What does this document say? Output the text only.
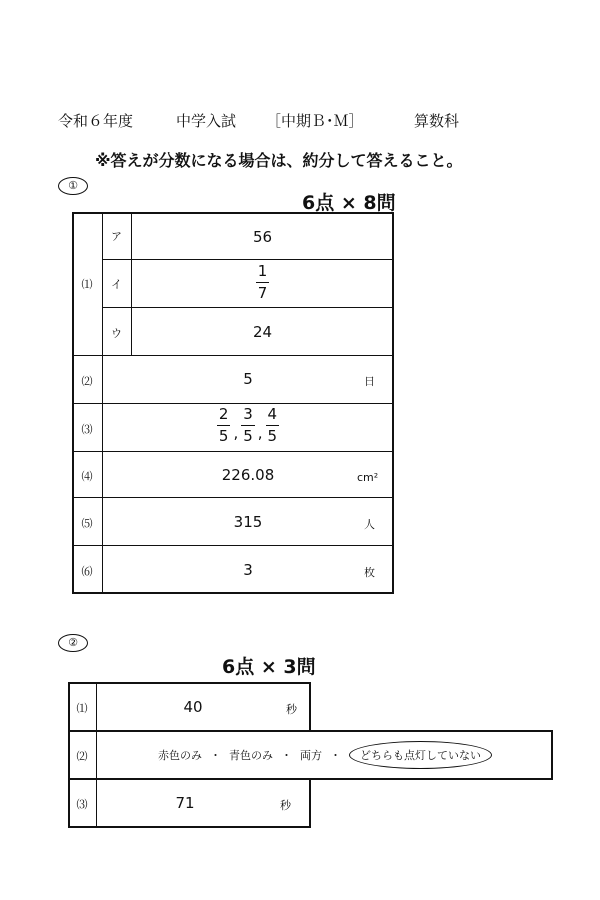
令和６年度	中学入試 ［中期Ｂ･Ｍ］	算数科
※答えが分数になる場合は、約分して答えること。
①
6点 × 8問
⑴
ア	56
イ	$\frac{1}{7}$
ウ	24
⑵	5	日
⑶	$\frac{2}{5}$ , $\frac{3}{5}$ , $\frac{4}{5}$
⑷	226.08	cm²
⑸	315	人
⑹	3	枚
②
6点 × 3問
⑴	40	秒
⑵	赤色のみ ・ 青色のみ ・ 両方 ・	どちらも点灯していない
⑶	71	秒
